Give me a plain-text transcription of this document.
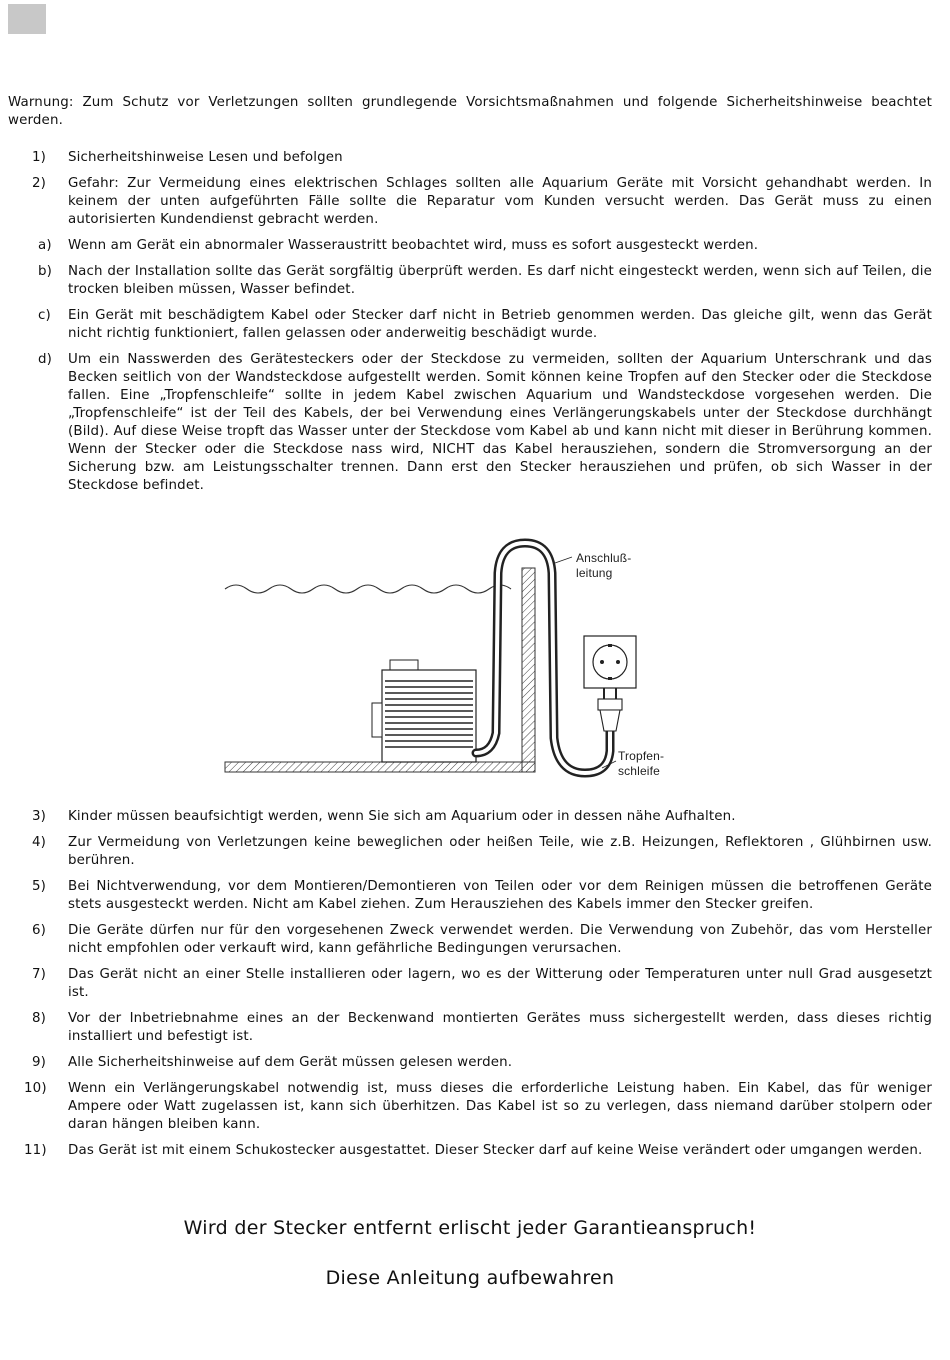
Warnung: Zum Schutz vor Verletzungen sollten grundlegende Vorsichtsmaßnahmen und folgende Sicherheitshinweise beachtet werden.

1)	Sicherheitshinweise Lesen und befolgen
2)	Gefahr: Zur Vermeidung eines elektrischen Schlages sollten alle Aquarium Geräte mit Vorsicht gehandhabt werden. In keinem der unten aufgeführten Fälle sollte die Reparatur vom Kunden versucht werden. Das Gerät muss zu einen autorisierten Kundendienst gebracht werden.
a)	Wenn am Gerät ein abnormaler Wasseraustritt beobachtet wird, muss es sofort ausgesteckt werden.
b)	Nach der Installation sollte das Gerät sorgfältig überprüft werden. Es darf nicht eingesteckt werden, wenn sich auf Teilen, die trocken bleiben müssen, Wasser befindet.
c)	Ein Gerät mit beschädigtem Kabel oder Stecker darf nicht in Betrieb genommen werden. Das gleiche gilt, wenn das Gerät nicht richtig funktioniert, fallen gelassen oder anderweitig beschädigt wurde.
d)	Um ein Nasswerden des Gerätesteckers oder der Steckdose zu vermeiden, sollten der Aquarium Unterschrank und das Becken seitlich von der Wandsteckdose aufgestellt werden. Somit können keine Tropfen auf den Stecker oder die Steckdose fallen. Eine „Tropfenschleife“ sollte in jedem Kabel zwischen Aquarium und Wandsteckdose vorgesehen werden. Die „Tropfenschleife“ ist der Teil des Kabels, der bei Verwendung eines Verlängerungskabels unter der Steckdose durchhängt (Bild). Auf diese Weise tropft das Wasser unter der Steckdose vom Kabel ab und kann nicht mit dieser in Berührung kommen. Wenn der Stecker oder die Steckdose nass wird, NICHT das Kabel herausziehen, sondern die Stromversorgung an der Sicherung bzw. am Leistungsschalter trennen. Dann erst den Stecker herausziehen und prüfen, ob sich Wasser in der Steckdose befindet.
Anschluß-
leitung
Tropfen-
schleife
3)	Kinder müssen beaufsichtigt werden, wenn Sie sich am Aquarium oder in dessen nähe Aufhalten.
4)	Zur Vermeidung von Verletzungen keine beweglichen oder heißen Teile, wie z.B. Heizungen, Reflektoren , Glühbirnen usw. berühren.
5)	Bei Nichtverwendung, vor dem Montieren/Demontieren von Teilen oder vor dem Reinigen müssen die betroffenen Geräte stets ausgesteckt werden. Nicht am Kabel ziehen. Zum Herausziehen des Kabels immer den Stecker greifen.
6)	Die Geräte dürfen nur für den vorgesehenen Zweck verwendet werden. Die Verwendung von Zubehör, das vom Hersteller nicht empfohlen oder verkauft wird, kann gefährliche Bedingungen verursachen.
7)	Das Gerät nicht an einer Stelle installieren oder lagern, wo es der Witterung oder Temperaturen unter null Grad ausgesetzt ist.
8)	Vor der Inbetriebnahme eines an der Beckenwand montierten Gerätes muss sichergestellt werden, dass dieses richtig installiert und befestigt ist.
9)	Alle Sicherheitshinweise auf dem Gerät müssen gelesen werden.
10)	Wenn ein Verlängerungskabel notwendig ist, muss dieses die erforderliche Leistung haben. Ein Kabel, das für weniger Ampere oder Watt zugelassen ist, kann sich überhitzen. Das Kabel ist so zu verlegen, dass niemand darüber stolpern oder daran hängen bleiben kann.
11)	Das Gerät ist mit einem Schukostecker ausgestattet. Dieser Stecker darf auf keine Weise verändert oder umgangen werden.
Wird der Stecker entfernt erlischt jeder Garantieanspruch!
Diese Anleitung aufbewahren
